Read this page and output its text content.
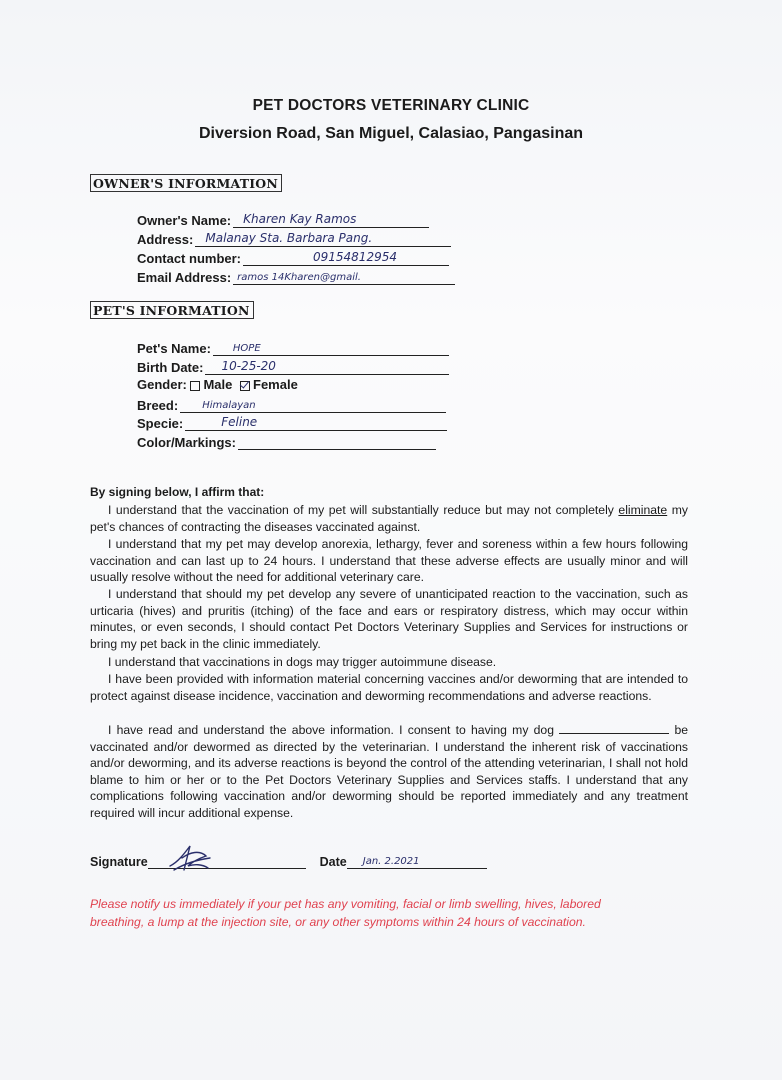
PET DOCTORS VETERINARY CLINIC
Diversion Road, San Miguel, Calasiao, Pangasinan
OWNER'S INFORMATION
Owner's Name:	Kharen Kay Ramos
Address:	Malanay Sta. Barbara Pang.
Contact number:	09154812954
Email Address: ramos 14Kharen@gmail.
PET'S INFORMATION
Pet's Name:	HOPE
Birth Date:	10-25-20
Gender: Male Female
Breed:	Himalayan
Specie:	Feline
Color/Markings:
By signing below, I affirm that:

I understand that the vaccination of my pet will substantially reduce but may not completely eliminate my pet's chances of contracting the diseases vaccinated against.

I understand that my pet may develop anorexia, lethargy, fever and soreness within a few hours following vaccination and can last up to 24 hours. I understand that these adverse effects are usually minor and will usually resolve without the need for additional veterinary care.

I understand that should my pet develop any severe of unanticipated reaction to the vaccination, such as urticaria (hives) and pruritis (itching) of the face and ears or respiratory distress, which may occur within minutes, or even seconds, I should contact Pet Doctors Veterinary Supplies and Services for instructions or bring my pet back in the clinic immediately.

I understand that vaccinations in dogs may trigger autoimmune disease.

I have been provided with information material concerning vaccines and/or deworming that are intended to protect against disease incidence, vaccination and deworming recommendations and adverse reactions.

I have read and understand the above information. I consent to having my dog	be vaccinated and/or dewormed as directed by the veterinarian. I understand the inherent risk of vaccinations and/or deworming, and its adverse reactions is beyond the control of the attending veterinarian, I shall not hold blame to him or her or to the Pet Doctors Veterinary Supplies and Services staffs. I understand that any complications following vaccination and/or deworming should be reported immediately and any treatment required will incur additional expense.

Signature	Date Jan. 2.2021

Please notify us immediately if your pet has any vomiting, facial or limb swelling, hives, labored breathing, a lump at the injection site, or any other symptoms within 24 hours of vaccination.
